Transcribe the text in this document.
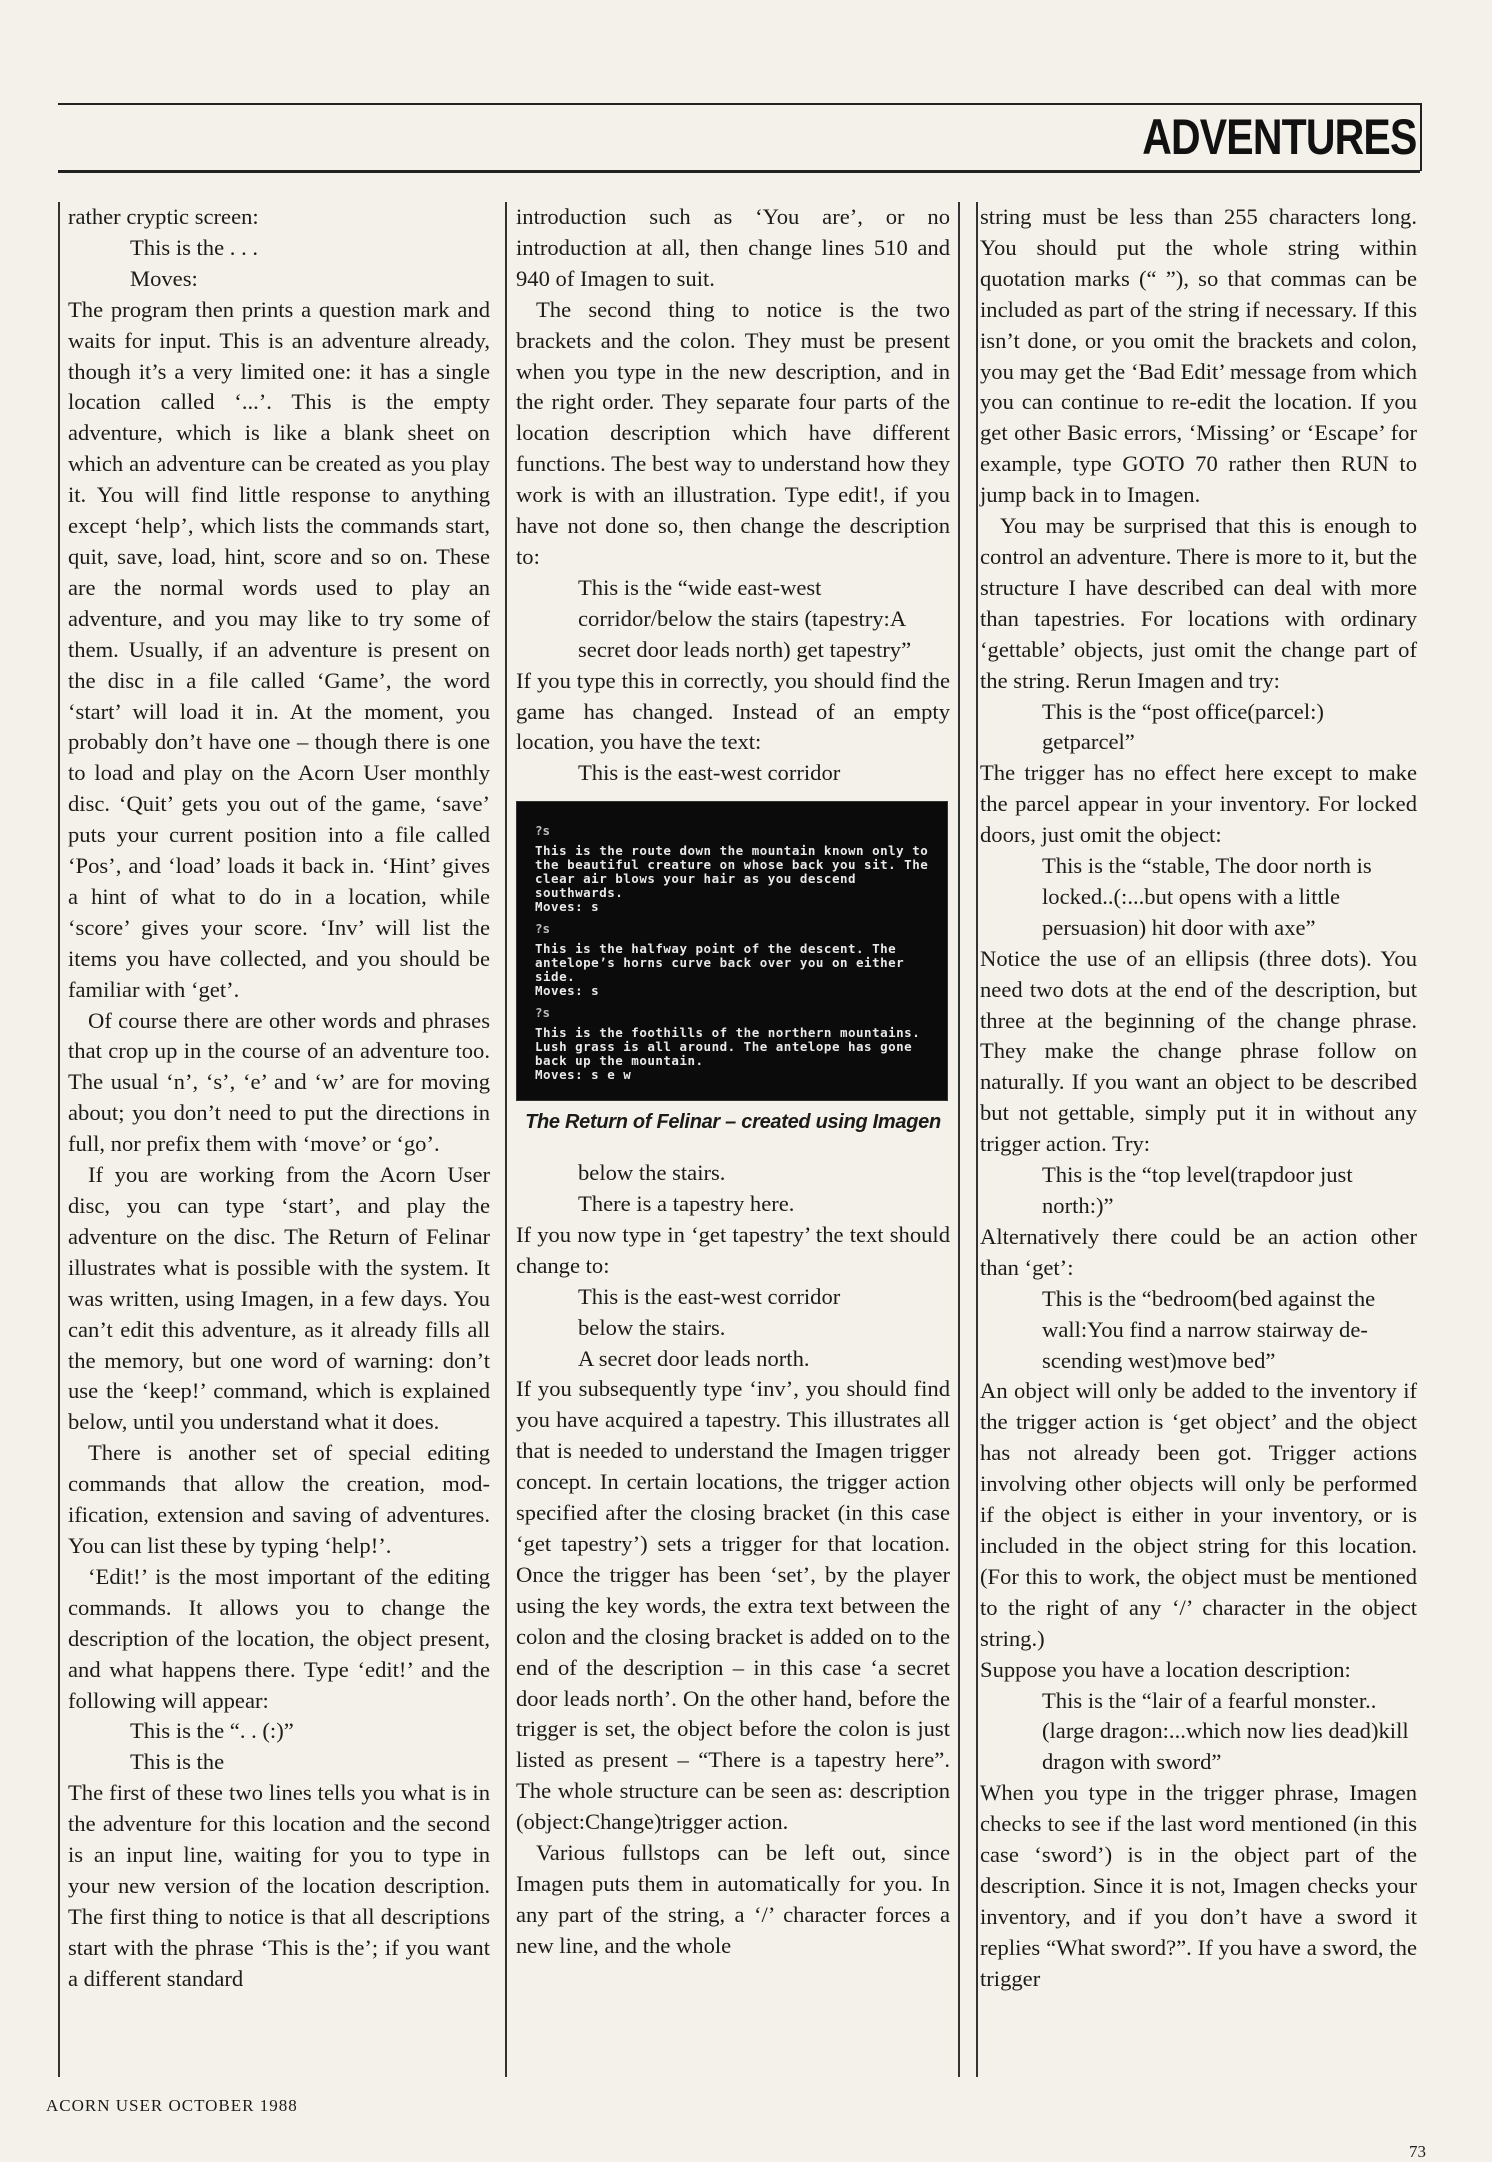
ADVENTURES

rather cryptic screen:

This is the . . .

Moves:

The program then prints a question mark and waits for input. This is an adventure already, though it’s a very limited one: it has a single location called ‘...’. This is the empty adventure, which is like a blank sheet on which an adventure can be created as you play it. You will find little response to anything except ‘help’, which lists the commands start, quit, save, load, hint, score and so on. These are the normal words used to play an adventure, and you may like to try some of them. Usually, if an adventure is present on the disc in a file called ‘Game’, the word ‘start’ will load it in. At the moment, you probably don’t have one – though there is one to load and play on the Acorn User monthly disc. ‘Quit’ gets you out of the game, ‘save’ puts your current position into a file called ‘Pos’, and ‘load’ loads it back in. ‘Hint’ gives a hint of what to do in a location, while ‘score’ gives your score. ‘Inv’ will list the items you have collected, and you should be familiar with ‘get’.

Of course there are other words and phrases that crop up in the course of an adventure too. The usual ‘n’, ‘s’, ‘e’ and ‘w’ are for moving about; you don’t need to put the directions in full, nor prefix them with ‘move’ or ‘go’.

If you are working from the Acorn User disc, you can type ‘start’, and play the adventure on the disc. The Return of Felinar illustrates what is possible with the system. It was written, using Imagen, in a few days. You can’t edit this adventure, as it already fills all the memory, but one word of warning: don’t use the ‘keep!’ command, which is explained below, until you understand what it does.

There is another set of special editing commands that allow the creation, modification, extension and saving of adventures. You can list these by typing ‘help!’.

‘Edit!’ is the most important of the editing commands. It allows you to change the description of the location, the object present, and what happens there. Type ‘edit!’ and the following will appear:

This is the “. . (:)”

This is the

The first of these two lines tells you what is in the adventure for this location and the second is an input line, waiting for you to type in your new version of the location description. The first thing to notice is that all descriptions start with the phrase ‘This is the’; if you want a different standard

introduction such as ‘You are’, or no introduction at all, then change lines 510 and 940 of Imagen to suit.

The second thing to notice is the two brackets and the colon. They must be present when you type in the new description, and in the right order. They separate four parts of the location description which have different functions. The best way to understand how they work is with an illustration. Type edit!, if you have not done so, then change the description to:

This is the “wide east-west corridor/below the stairs (tapestry:A secret door leads north) get tapestry”

If you type this in correctly, you should find the game has changed. Instead of an empty location, you have the text:

This is the east-west corridor

?s

This is the route down the mountain known only to the beautiful creature on whose back you sit. The clear air blows your hair as you descend southwards.
Moves: s

?s

This is the halfway point of the descent. The antelope’s horns curve back over you on either side.
Moves: s

?s

This is the foothills of the northern mountains. Lush grass is all around. The antelope has gone back up the mountain.
Moves: s e w

The Return of Felinar – created using Imagen

below the stairs.

There is a tapestry here.

If you now type in ‘get tapestry’ the text should change to:

This is the east-west corridor

below the stairs.

A secret door leads north.

If you subsequently type ‘inv’, you should find you have acquired a tapestry. This illustrates all that is needed to understand the Imagen trigger concept. In certain locations, the trigger action specified after the closing bracket (in this case ‘get tapestry’) sets a trigger for that location. Once the trigger has been ‘set’, by the player using the key words, the extra text between the colon and the closing bracket is added on to the end of the description – in this case ‘a secret door leads north’. On the other hand, before the trigger is set, the object before the colon is just listed as present – “There is a tapestry here”. The whole structure can be seen as: description (object:Change)trigger action.

Various fullstops can be left out, since Imagen puts them in automatically for you. In any part of the string, a ‘/’ character forces a new line, and the whole

string must be less than 255 characters long. You should put the whole string within quotation marks (“ ”), so that commas can be included as part of the string if necessary. If this isn’t done, or you omit the brackets and colon, you may get the ‘Bad Edit’ message from which you can continue to re-edit the location. If you get other Basic errors, ‘Missing’ or ‘Escape’ for example, type GOTO 70 rather then RUN to jump back in to Imagen.

You may be surprised that this is enough to control an adventure. There is more to it, but the structure I have described can deal with more than tapestries. For locations with ordinary ‘gettable’ objects, just omit the change part of the string. Rerun Imagen and try:

This is the “post office(parcel:) getparcel”

The trigger has no effect here except to make the parcel appear in your inventory. For locked doors, just omit the object:

This is the “stable, The door north is locked..(:...but opens with a little persuasion) hit door with axe”

Notice the use of an ellipsis (three dots). You need two dots at the end of the description, but three at the beginning of the change phrase. They make the change phrase follow on naturally. If you want an object to be described but not gettable, simply put it in without any trigger action. Try:

This is the “top level(trapdoor just north:)”

Alternatively there could be an action other than ‘get’:

This is the “bedroom(bed against the wall:You find a narrow stairway descending west)move bed”

An object will only be added to the inventory if the trigger action is ‘get object’ and the object has not already been got. Trigger actions involving other objects will only be performed if the object is either in your inventory, or is included in the object string for this location. (For this to work, the object must be mentioned to the right of any ‘/’ character in the object string.)

Suppose you have a location description:

This is the “lair of a fearful monster..(large dragon:...which now lies dead)kill dragon with sword”

When you type in the trigger phrase, Imagen checks to see if the last word mentioned (in this case ‘sword’) is in the object part of the description. Since it is not, Imagen checks your inventory, and if you don’t have a sword it replies “What sword?”. If you have a sword, the trigger

ACORN USER OCTOBER 1988
73
